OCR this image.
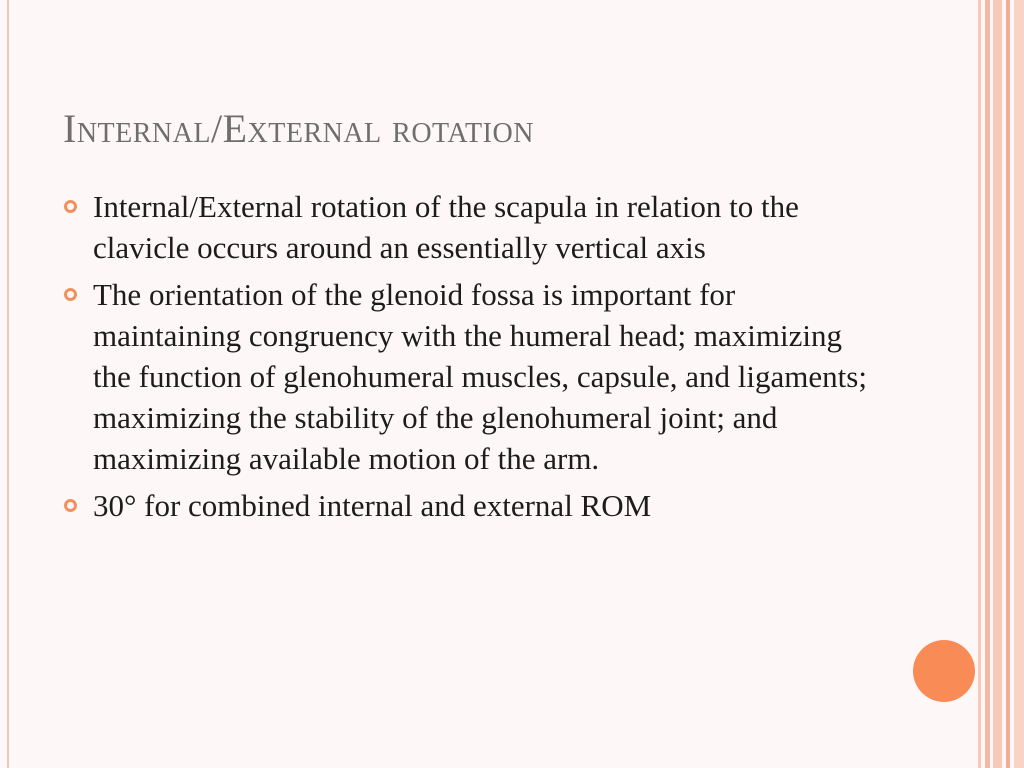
Internal/External rotation
Internal/External rotation of the scapula in relation to the clavicle occurs around an essentially vertical axis
The orientation of the glenoid fossa is important for maintaining congruency with the humeral head; maximizing the function of glenohumeral muscles, capsule, and ligaments; maximizing the stability of the glenohumeral joint; and maximizing available motion of the arm.
30° for combined internal and external ROM
